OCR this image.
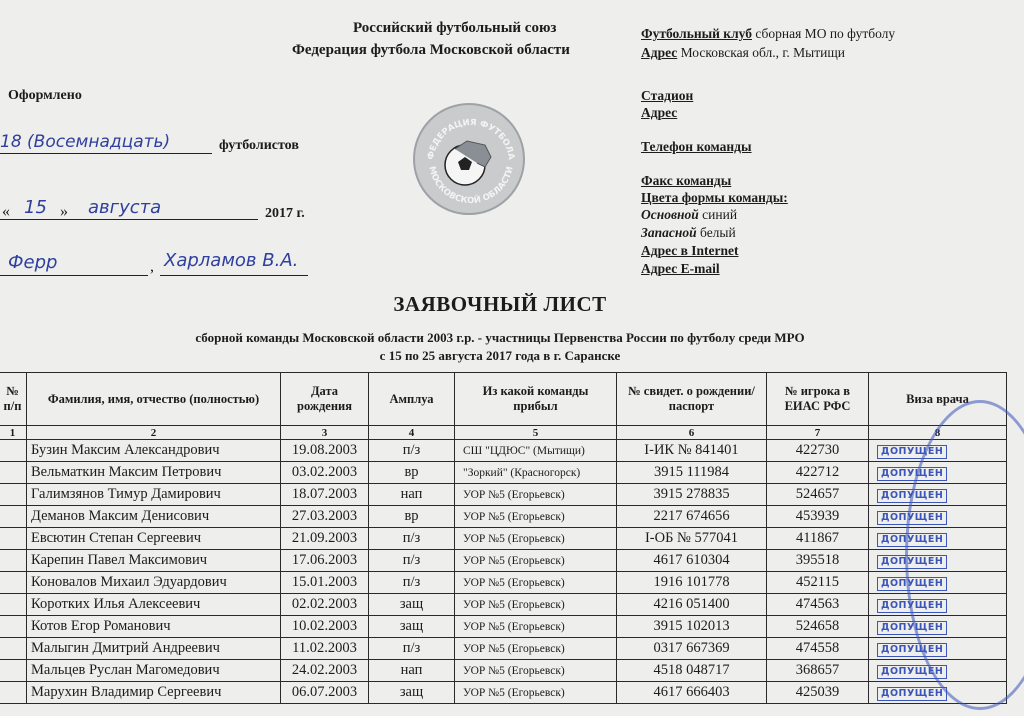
Российский футбольный союз
Федерация футбола Московской области
Оформлено
18 (Восемнадцать)	футболистов
« 15 » августа	2017 г.
Ферр	, Харламов В.А.
ФЕДЕРАЦИЯ ФУТБОЛА
МОСКОВСКОЙ ОБЛАСТИ
Футбольный клуб сборная МО по футболу
Адрес Московская обл., г. Мытищи
Стадион
Адрес
Телефон команды
Факс команды
Цвета формы команды:
Основной синий
Запасной белый
Адрес в Internet
Адрес E-mail
ЗАЯВОЧНЫЙ ЛИСТ
сборной команды Московской области 2003 г.р. - участницы Первенства России по футболу среди МРО
с 15 по 25 августа 2017 года в г. Саранске
№ п/п	Фамилия, имя, отчество (полностью)	Дата рождения	Амплуа	Из какой команды прибыл	№ свидет. о рождении/паспорт	№ игрока в ЕИАС РФС	Виза врача
1	2	3	4	5	6	7	8
	Бузин Максим Александрович	19.08.2003	п/з	СШ "ЦДЮС" (Мытищи)	I-ИК № 841401	422730	ДОПУЩЕН
	Вельматкин Максим Петрович	03.02.2003	вр	"Зоркий" (Красногорск)	3915 111984	422712	ДОПУЩЕН
	Галимзянов Тимур Дамирович	18.07.2003	нап	УОР №5 (Егорьевск)	3915 278835	524657	ДОПУЩЕН
	Деманов Максим Денисович	27.03.2003	вр	УОР №5 (Егорьевск)	2217 674656	453939	ДОПУЩЕН
	Евсютин Степан Сергеевич	21.09.2003	п/з	УОР №5 (Егорьевск)	I-ОБ № 577041	411867	ДОПУЩЕН
	Карепин Павел Максимович	17.06.2003	п/з	УОР №5 (Егорьевск)	4617 610304	395518	ДОПУЩЕН
	Коновалов Михаил Эдуардович	15.01.2003	п/з	УОР №5 (Егорьевск)	1916 101778	452115	ДОПУЩЕН
	Коротких Илья Алексеевич	02.02.2003	защ	УОР №5 (Егорьевск)	4216 051400	474563	ДОПУЩЕН
	Котов Егор Романович	10.02.2003	защ	УОР №5 (Егорьевск)	3915 102013	524658	ДОПУЩЕН
	Малыгин Дмитрий Андреевич	11.02.2003	п/з	УОР №5 (Егорьевск)	0317 667369	474558	ДОПУЩЕН
	Мальцев Руслан Магомедович	24.02.2003	нап	УОР №5 (Егорьевск)	4518 048717	368657	ДОПУЩЕН
	Марухин Владимир Сергеевич	06.07.2003	защ	УОР №5 (Егорьевск)	4617 666403	425039	ДОПУЩЕН
